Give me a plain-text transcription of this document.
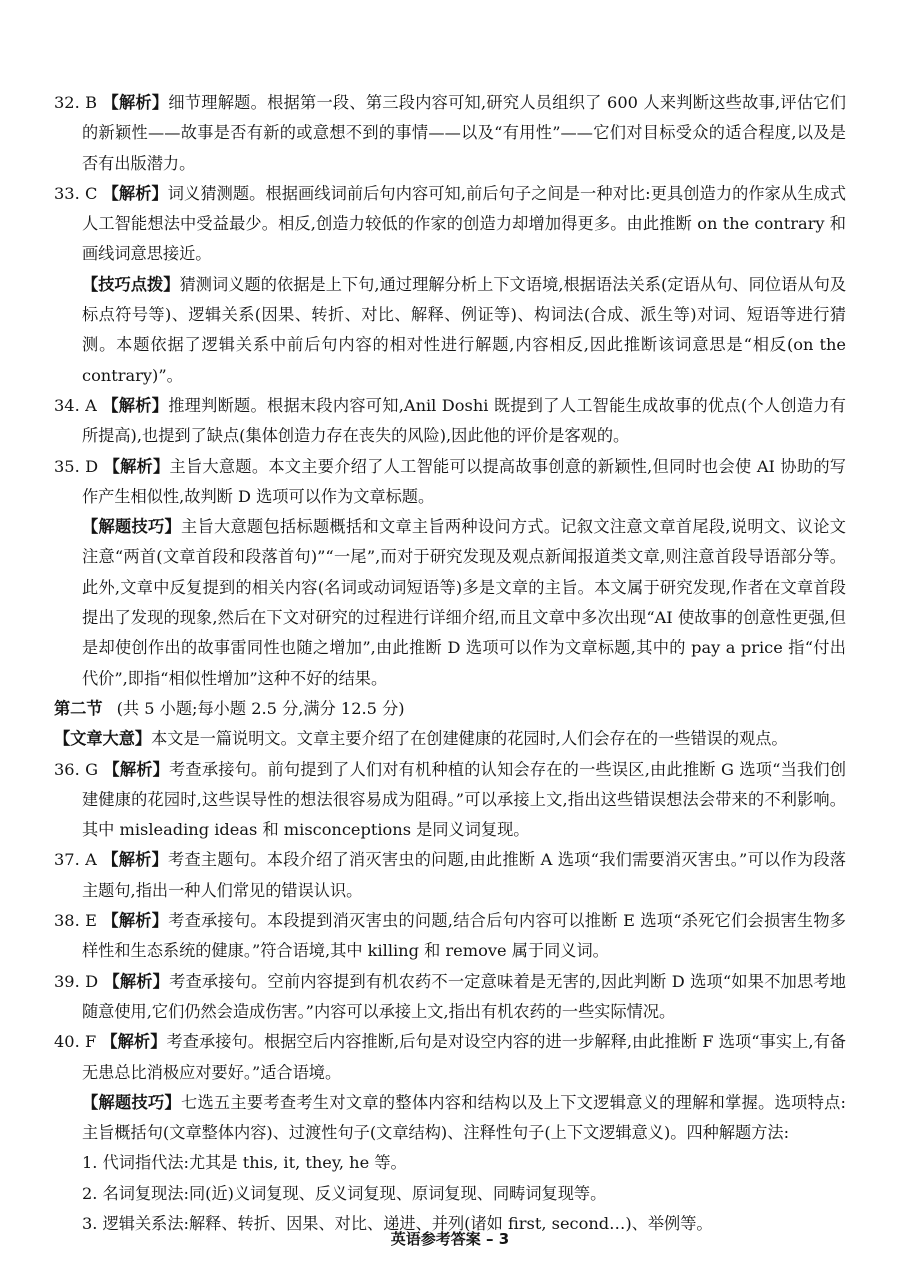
32. B 【解析】细节理解题。根据第一段、第三段内容可知,研究人员组织了 600 人来判断这些故事,评估它们的新颖性——故事是否有新的或意想不到的事情——以及“有用性”——它们对目标受众的适合程度,以及是否有出版潜力。

33. C 【解析】词义猜测题。根据画线词前后句内容可知,前后句子之间是一种对比:更具创造力的作家从生成式人工智能想法中受益最少。相反,创造力较低的作家的创造力却增加得更多。由此推断 on the contrary 和画线词意思接近。

【技巧点拨】猜测词义题的依据是上下句,通过理解分析上下文语境,根据语法关系(定语从句、同位语从句及标点符号等)、逻辑关系(因果、转折、对比、解释、例证等)、构词法(合成、派生等)对词、短语等进行猜测。本题依据了逻辑关系中前后句内容的相对性进行解题,内容相反,因此推断该词意思是“相反(on the contrary)”。

34. A 【解析】推理判断题。根据末段内容可知,Anil Doshi 既提到了人工智能生成故事的优点(个人创造力有所提高),也提到了缺点(集体创造力存在丧失的风险),因此他的评价是客观的。

35. D 【解析】主旨大意题。本文主要介绍了人工智能可以提高故事创意的新颖性,但同时也会使 AI 协助的写作产生相似性,故判断 D 选项可以作为文章标题。

【解题技巧】主旨大意题包括标题概括和文章主旨两种设问方式。记叙文注意文章首尾段,说明文、议论文注意“两首(文章首段和段落首句)”“一尾”,而对于研究发现及观点新闻报道类文章,则注意首段导语部分等。此外,文章中反复提到的相关内容(名词或动词短语等)多是文章的主旨。本文属于研究发现,作者在文章首段提出了发现的现象,然后在下文对研究的过程进行详细介绍,而且文章中多次出现“AI 使故事的创意性更强,但是却使创作出的故事雷同性也随之增加”,由此推断 D 选项可以作为文章标题,其中的 pay a price 指“付出代价”,即指“相似性增加”这种不好的结果。

第二节 (共 5 小题;每小题 2.5 分,满分 12.5 分)

【文章大意】本文是一篇说明文。文章主要介绍了在创建健康的花园时,人们会存在的一些错误的观点。

36. G 【解析】考查承接句。前句提到了人们对有机种植的认知会存在的一些误区,由此推断 G 选项“当我们创建健康的花园时,这些误导性的想法很容易成为阻碍。”可以承接上文,指出这些错误想法会带来的不利影响。其中 misleading ideas 和 misconceptions 是同义词复现。

37. A 【解析】考查主题句。本段介绍了消灭害虫的问题,由此推断 A 选项“我们需要消灭害虫。”可以作为段落主题句,指出一种人们常见的错误认识。

38. E 【解析】考查承接句。本段提到消灭害虫的问题,结合后句内容可以推断 E 选项“杀死它们会损害生物多样性和生态系统的健康。”符合语境,其中 killing 和 remove 属于同义词。

39. D 【解析】考查承接句。空前内容提到有机农药不一定意味着是无害的,因此判断 D 选项“如果不加思考地随意使用,它们仍然会造成伤害。”内容可以承接上文,指出有机农药的一些实际情况。

40. F 【解析】考查承接句。根据空后内容推断,后句是对设空内容的进一步解释,由此推断 F 选项“事实上,有备无患总比消极应对要好。”适合语境。

【解题技巧】七选五主要考查考生对文章的整体内容和结构以及上下文逻辑意义的理解和掌握。选项特点:主旨概括句(文章整体内容)、过渡性句子(文章结构)、注释性句子(上下文逻辑意义)。四种解题方法:

1. 代词指代法:尤其是 this, it, they, he 等。

2. 名词复现法:同(近)义词复现、反义词复现、原词复现、同畴词复现等。

3. 逻辑关系法:解释、转折、因果、对比、递进、并列(诸如 first, second…)、举例等。

英语参考答案 – 3
